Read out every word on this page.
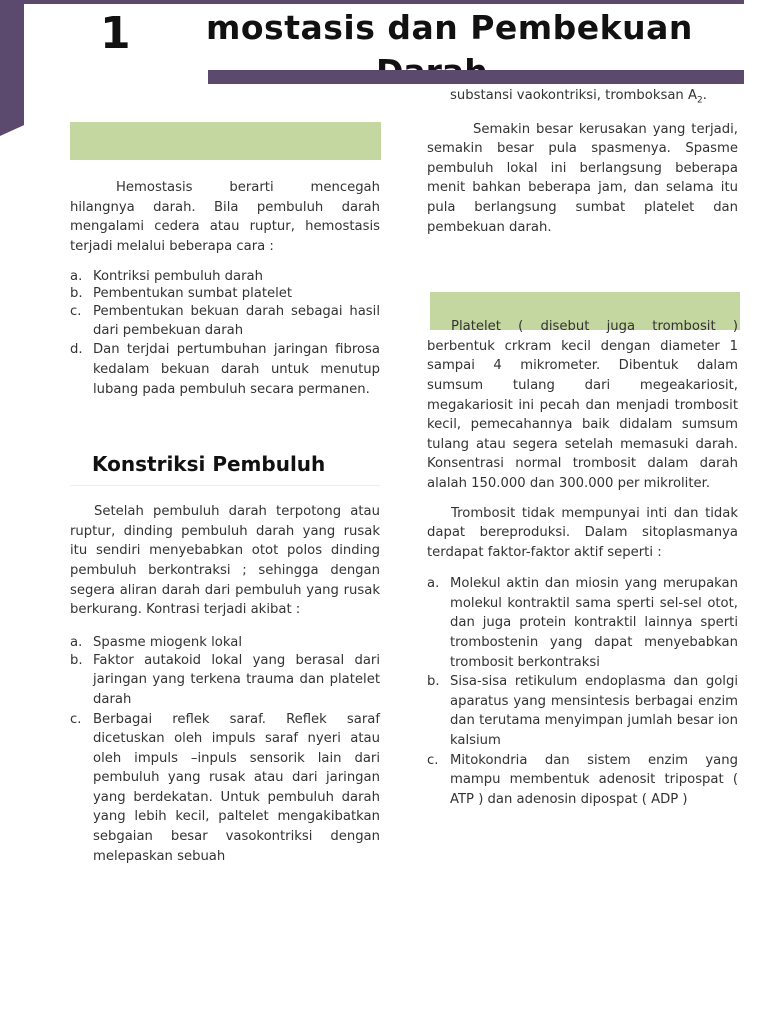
1 mostasis dan Pembekuan

Hemostasis berarti mencegah hilangnya darah. Bila pembuluh darah mengalami cedera atau ruptur, hemostasis terjadi melalui beberapa cara :

a. Kontriksi pembuluh darah
b. Pembentukan sumbat platelet
c. Pembentukan bekuan darah sebagai hasil dari pembekuan darah
d. Dan terjdai pertumbuhan jaringan fibrosa kedalam bekuan darah untuk menutup lubang pada pembuluh secara permanen.
Konstriksi Pembuluh

Setelah pembuluh darah terpotong atau ruptur, dinding pembuluh darah yang rusak itu sendiri menyebabkan otot polos dinding pembuluh berkontraksi ; sehingga dengan segera aliran darah dari pembuluh yang rusak berkurang. Kontrasi terjadi akibat :

a. Spasme miogenk lokal
b. Faktor autakoid lokal yang berasal dari jaringan yang terkena trauma dan platelet darah
c. Berbagai reflek saraf. Reflek saraf dicetuskan oleh impuls saraf nyeri atau oleh impuls –inpuls sensorik lain dari pembuluh yang rusak atau dari jaringan yang berdekatan. Untuk pembuluh darah yang lebih kecil, paltelet mengakibatkan sebgaian besar vasokontriksi dengan melepaskan sebuah

substansi vaokontriksi, tromboksan $A_2$.

Semakin besar kerusakan yang terjadi, semakin besar pula spasmenya. Spasme pembuluh lokal ini berlangsung beberapa menit bahkan beberapa jam, dan selama itu pula berlangsung sumbat platelet dan pembekuan darah.

Platelet ( disebut juga trombosit ) berbentuk crkram kecil dengan diameter 1 sampai 4 mikrometer. Dibentuk dalam sumsum tulang dari megeakariosit, megakariosit ini pecah dan menjadi trombosit kecil, pemecahannya baik didalam sumsum tulang atau segera setelah memasuki darah. Konsentrasi normal trombosit dalam darah alalah 150.000 dan 300.000 per mikroliter.

Trombosit tidak mempunyai inti dan tidak dapat bereproduksi. Dalam sitoplasmanya terdapat faktor-faktor aktif seperti :

a. Molekul aktin dan miosin yang merupakan molekul kontraktil sama sperti sel-sel otot, dan juga protein kontraktil lainnya sperti trombostenin yang dapat menyebabkan trombosit berkontraksi
b. Sisa-sisa retikulum endoplasma dan golgi aparatus yang mensintesis berbagai enzim dan terutama menyimpan jumlah besar ion kalsium
c. Mitokondria dan sistem enzim yang mampu membentuk adenosit tripospat ( ATP ) dan adenosin dipospat ( ADP )
